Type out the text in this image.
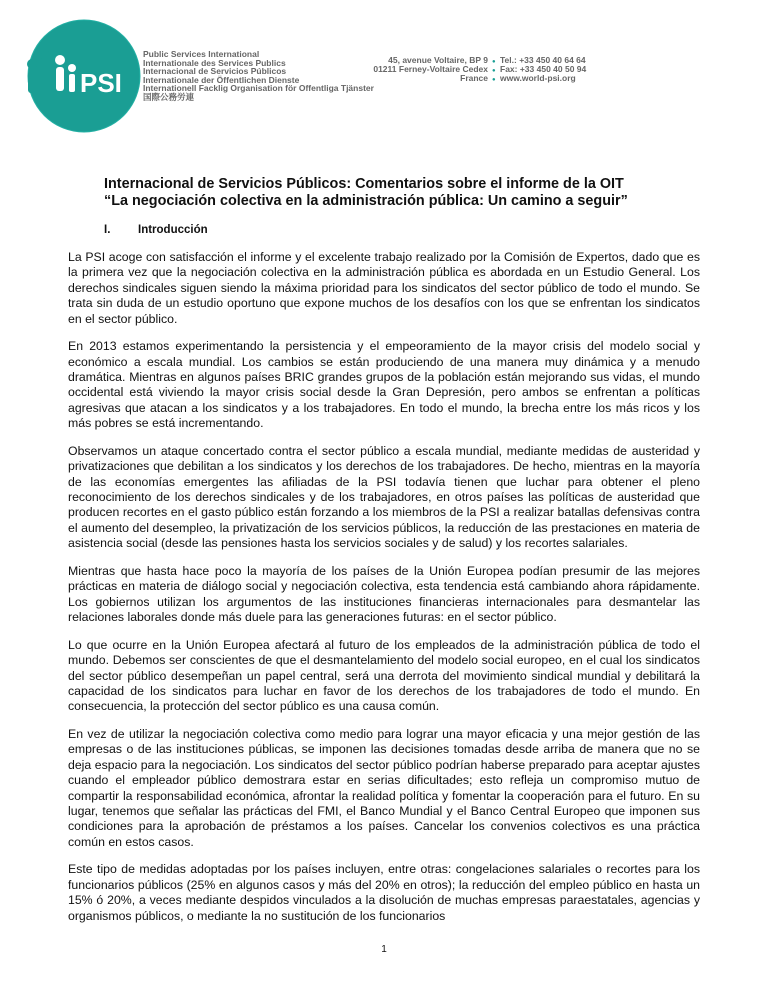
PSI
Public Services International
Internationale des Services Publics
Internacional de Servicios Públicos
Internationale der Öffentlichen Dienste
Internationell Facklig Organisation för Offentliga Tjänster
国際公務労連
45, avenue Voltaire, BP 9
01211 Ferney-Voltaire Cedex
France
●
●
●
Tel.: +33 450 40 64 64
Fax: +33 450 40 50 94
www.world-psi.org
Internacional de Servicios Públicos: Comentarios sobre el informe de la OIT
“La negociación colectiva en la administración pública: Un camino a seguir”
I. Introducción

La PSI acoge con satisfacción el informe y el excelente trabajo realizado por la Comisión de Expertos, dado que es la primera vez que la negociación colectiva en la administración pública es abordada en un Estudio General. Los derechos sindicales siguen siendo la máxima prioridad para los sindicatos del sector público de todo el mundo. Se trata sin duda de un estudio oportuno que expone muchos de los desafíos con los que se enfrentan los sindicatos en el sector público.

En 2013 estamos experimentando la persistencia y el empeoramiento de la mayor crisis del modelo social y económico a escala mundial. Los cambios se están produciendo de una manera muy dinámica y a menudo dramática. Mientras en algunos países BRIC grandes grupos de la población están mejorando sus vidas, el mundo occidental está viviendo la mayor crisis social desde la Gran Depresión, pero ambos se enfrentan a políticas agresivas que atacan a los sindicatos y a los trabajadores. En todo el mundo, la brecha entre los más ricos y los más pobres se está incrementando.

Observamos un ataque concertado contra el sector público a escala mundial, mediante medidas de austeridad y privatizaciones que debilitan a los sindicatos y los derechos de los trabajadores. De hecho, mientras en la mayoría de las economías emergentes las afiliadas de la PSI todavía tienen que luchar para obtener el pleno reconocimiento de los derechos sindicales y de los trabajadores, en otros países las políticas de austeridad que producen recortes en el gasto público están forzando a los miembros de la PSI a realizar batallas defensivas contra el aumento del desempleo, la privatización de los servicios públicos, la reducción de las prestaciones en materia de asistencia social (desde las pensiones hasta los servicios sociales y de salud) y los recortes salariales.

Mientras que hasta hace poco la mayoría de los países de la Unión Europea podían presumir de las mejores prácticas en materia de diálogo social y negociación colectiva, esta tendencia está cambiando ahora rápidamente. Los gobiernos utilizan los argumentos de las instituciones financieras internacionales para desmantelar las relaciones laborales donde más duele para las generaciones futuras: en el sector público.

Lo que ocurre en la Unión Europea afectará al futuro de los empleados de la administración pública de todo el mundo. Debemos ser conscientes de que el desmantelamiento del modelo social europeo, en el cual los sindicatos del sector público desempeñan un papel central, será una derrota del movimiento sindical mundial y debilitará la capacidad de los sindicatos para luchar en favor de los derechos de los trabajadores de todo el mundo. En consecuencia, la protección del sector público es una causa común.

En vez de utilizar la negociación colectiva como medio para lograr una mayor eficacia y una mejor gestión de las empresas o de las instituciones públicas, se imponen las decisiones tomadas desde arriba de manera que no se deja espacio para la negociación. Los sindicatos del sector público podrían haberse preparado para aceptar ajustes cuando el empleador público demostrara estar en serias dificultades; esto refleja un compromiso mutuo de compartir la responsabilidad económica, afrontar la realidad política y fomentar la cooperación para el futuro. En su lugar, tenemos que señalar las prácticas del FMI, el Banco Mundial y el Banco Central Europeo que imponen sus condiciones para la aprobación de préstamos a los países. Cancelar los convenios colectivos es una práctica común en estos casos.

Este tipo de medidas adoptadas por los países incluyen, entre otras: congelaciones salariales o recortes para los funcionarios públicos (25% en algunos casos y más del 20% en otros); la reducción del empleo público en hasta un 15% ó 20%, a veces mediante despidos vinculados a la disolución de muchas empresas paraestatales, agencias y organismos públicos, o mediante la no sustitución de los funcionarios

1
